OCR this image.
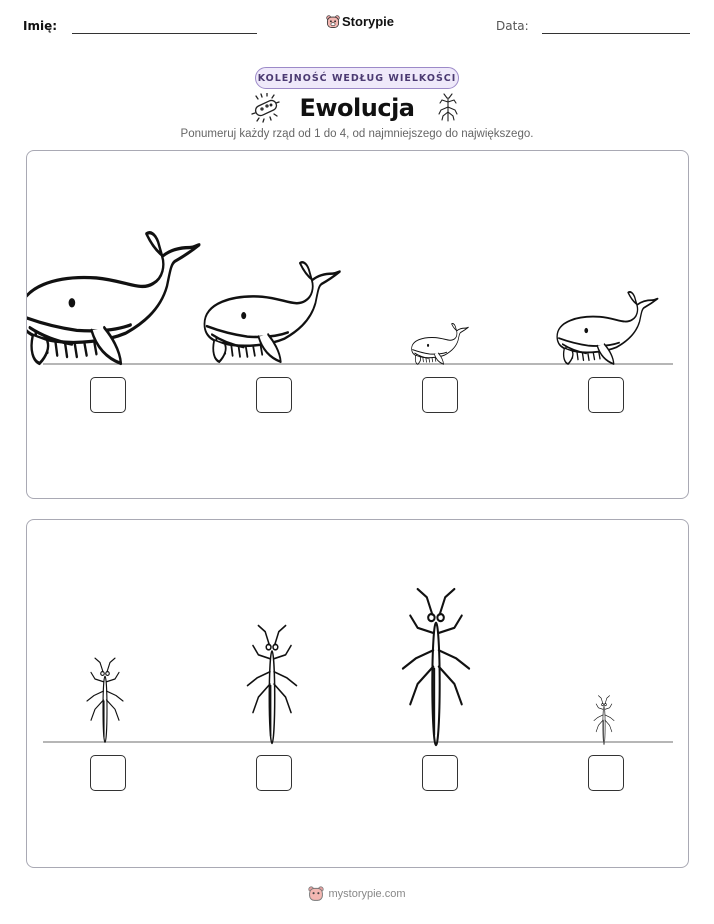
Imię:	Storypie	Data:
KOLEJNOŚĆ WEDŁUG WIELKOŚCI
Ewolucja
Ponumeruj każdy rząd od 1 do 4, od najmniejszego do największego.
mystorypie.com
